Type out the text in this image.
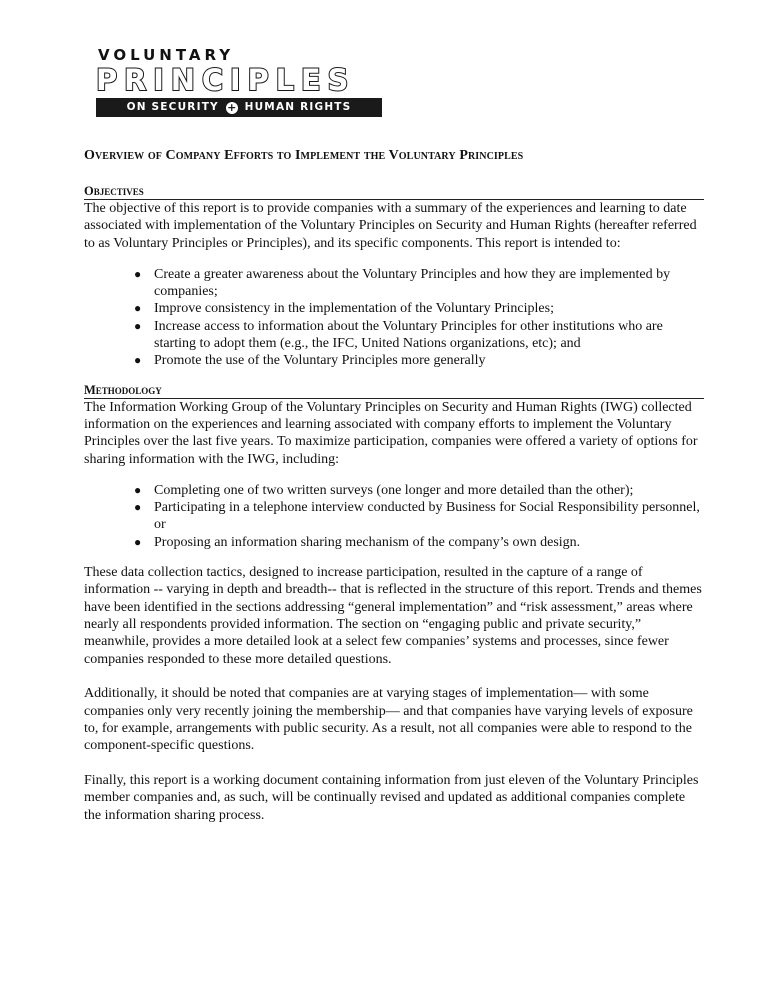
VOLUNTARY
PRINCIPLES
ON SECURITY + HUMAN RIGHTS
Overview of Company Efforts to Implement the Voluntary Principles
Objectives

The objective of this report is to provide companies with a summary of the experiences and learning to date associated with implementation of the Voluntary Principles on Security and Human Rights (hereafter referred to as Voluntary Principles or Principles), and its specific components. This report is intended to:

● Create a greater awareness about the Voluntary Principles and how they are implemented by companies;
● Improve consistency in the implementation of the Voluntary Principles;
● Increase access to information about the Voluntary Principles for other institutions who are starting to adopt them (e.g., the IFC, United Nations organizations, etc); and
● Promote the use of the Voluntary Principles more generally
Methodology

The Information Working Group of the Voluntary Principles on Security and Human Rights (IWG) collected information on the experiences and learning associated with company efforts to implement the Voluntary Principles over the last five years. To maximize participation, companies were offered a variety of options for sharing information with the IWG, including:

● Completing one of two written surveys (one longer and more detailed than the other);
● Participating in a telephone interview conducted by Business for Social Responsibility personnel, or
● Proposing an information sharing mechanism of the company’s own design.

These data collection tactics, designed to increase participation, resulted in the capture of a range of information -- varying in depth and breadth-- that is reflected in the structure of this report. Trends and themes have been identified in the sections addressing “general implementation” and “risk assessment,” areas where nearly all respondents provided information. The section on “engaging public and private security,” meanwhile, provides a more detailed look at a select few companies’ systems and processes, since fewer companies responded to these more detailed questions.

Additionally, it should be noted that companies are at varying stages of implementation— with some companies only very recently joining the membership— and that companies have varying levels of exposure to, for example, arrangements with public security. As a result, not all companies were able to respond to the component-specific questions.

Finally, this report is a working document containing information from just eleven of the Voluntary Principles member companies and, as such, will be continually revised and updated as additional companies complete the information sharing process.
